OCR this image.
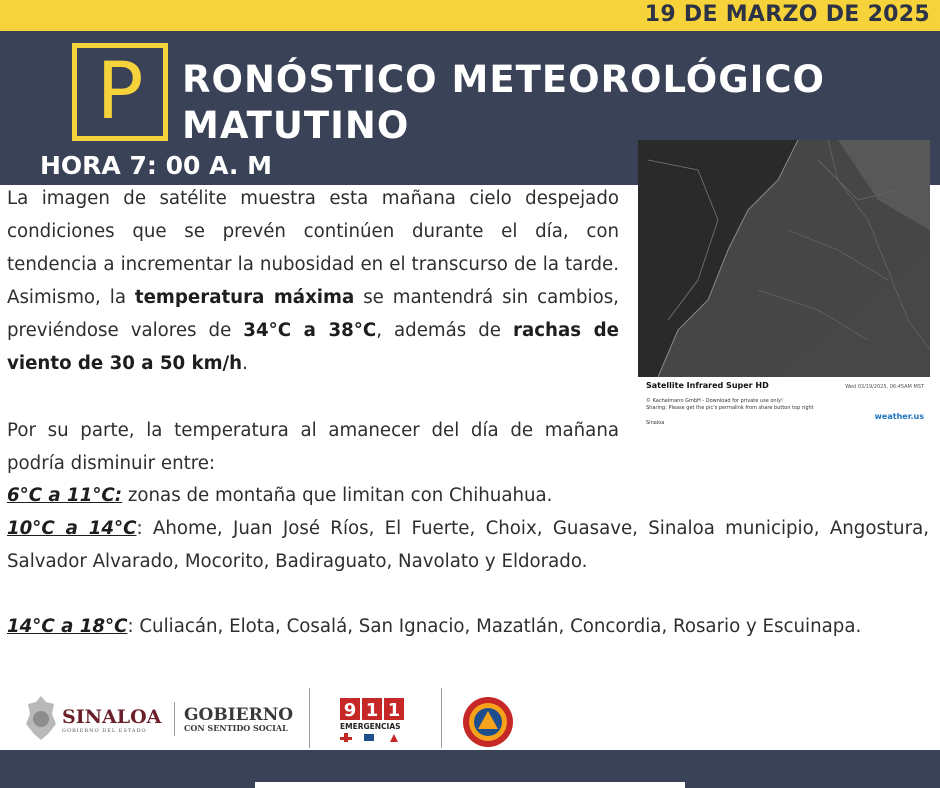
19 DE MARZO DE 2025
P	RONÓSTICO METEOROLÓGICO
MATUTINO
HORA 7: 00 A. M
Satellite Infrared Super HD	Wed 03/19/2025, 06:45AM MST
© Kachelmann GmbH - Download for private use only!
Sharing: Please get the pic's permalink from share button top right
Sinaloa
weather.us
La imagen de satélite muestra esta mañana cielo despejado condiciones que se prevén continúen durante el día, con tendencia a incrementar la nubosidad en el transcurso de la tarde. Asimismo, la temperatura máxima se mantendrá sin cambios, previéndose valores de 34°C a 38°C, además de rachas de viento de 30 a 50 km/h.
Por su parte, la temperatura al amanecer del día de mañana podría disminuir entre:
6°C a 11°C: zonas de montaña que limitan con Chihuahua.
10°C a 14°C: Ahome, Juan José Ríos, El Fuerte, Choix, Guasave, Sinaloa municipio, Angostura, Salvador Alvarado, Mocorito, Badiraguato, Navolato y Eldorado.
14°C a 18°C: Culiacán, Elota, Cosalá, San Ignacio, Mazatlán, Concordia, Rosario y Escuinapa.
SINALOA
GOBIERNO DEL ESTADO
GOBIERNO
CON SENTIDO SOCIAL
9 1 1
EMERGENCIAS
